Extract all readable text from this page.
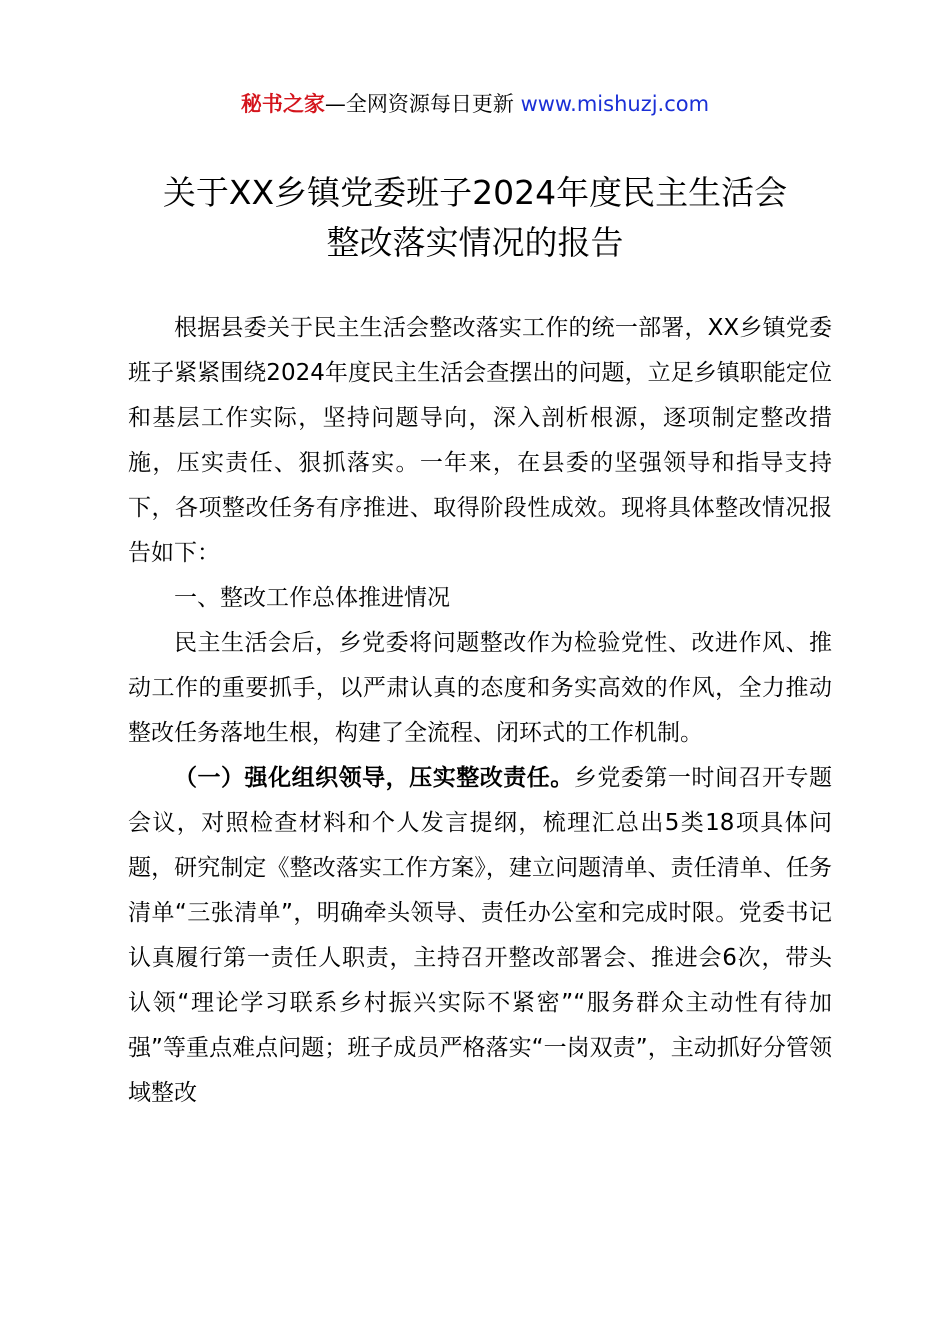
秘书之家—全网资源每日更新 www.mishuzj.com
关于XX乡镇党委班子2024年度民主生活会
整改落实情况的报告

根据县委关于民主生活会整改落实工作的统一部署，XX乡镇党委班子紧紧围绕2024年度民主生活会查摆出的问题，立足乡镇职能定位和基层工作实际，坚持问题导向，深入剖析根源，逐项制定整改措施，压实责任、狠抓落实。一年来，在县委的坚强领导和指导支持下，各项整改任务有序推进、取得阶段性成效。现将具体整改情况报告如下：

一、整改工作总体推进情况

民主生活会后，乡党委将问题整改作为检验党性、改进作风、推动工作的重要抓手，以严肃认真的态度和务实高效的作风，全力推动整改任务落地生根，构建了全流程、闭环式的工作机制。

（一）强化组织领导，压实整改责任。乡党委第一时间召开专题会议，对照检查材料和个人发言提纲，梳理汇总出5类18项具体问题，研究制定《整改落实工作方案》，建立问题清单、责任清单、任务清单“三张清单”，明确牵头领导、责任办公室和完成时限。党委书记认真履行第一责任人职责，主持召开整改部署会、推进会6次，带头认领“理论学习联系乡村振兴实际不紧密”“服务群众主动性有待加强”等重点难点问题；班子成员严格落实“一岗双责”，主动抓好分管领域整改
